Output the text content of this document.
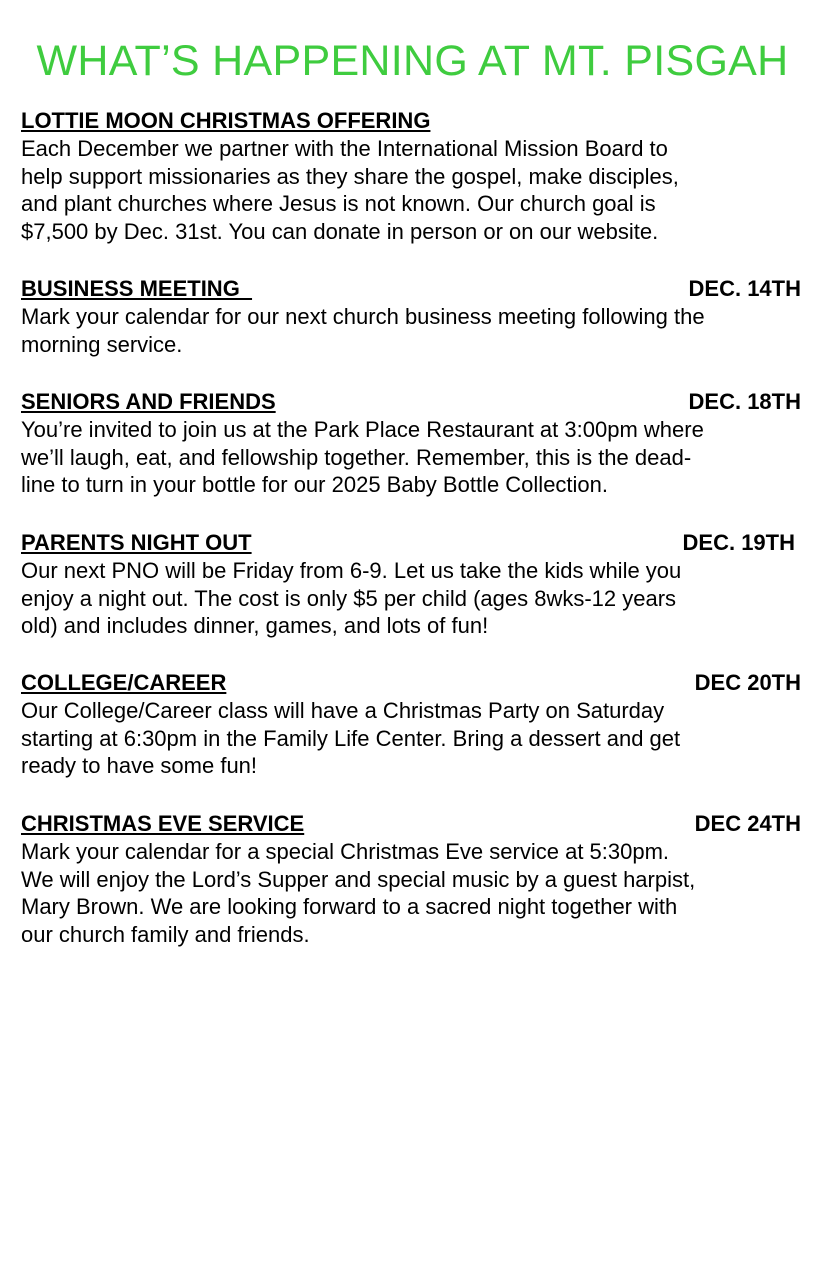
WHAT’S HAPPENING AT MT. PISGAH
LOTTIE MOON CHRISTMAS OFFERING
Each December we partner with the International Mission Board to
help support missionaries as they share the gospel, make disciples,
and plant churches where Jesus is not known. Our church goal is
$7,500 by Dec. 31st. You can donate in person or on our website.
BUSINESS MEETING	DEC. 14TH
Mark your calendar for our next church business meeting following the
morning service.
SENIORS AND FRIENDS	DEC. 18TH
You’re invited to join us at the Park Place Restaurant at 3:00pm where
we’ll laugh, eat, and fellowship together. Remember, this is the dead-
line to turn in your bottle for our 2025 Baby Bottle Collection.
PARENTS NIGHT OUT	DEC. 19TH
Our next PNO will be Friday from 6-9. Let us take the kids while you
enjoy a night out. The cost is only $5 per child (ages 8wks-12 years
old) and includes dinner, games, and lots of fun!
COLLEGE/CAREER	DEC 20TH
Our College/Career class will have a Christmas Party on Saturday
starting at 6:30pm in the Family Life Center. Bring a dessert and get
ready to have some fun!
CHRISTMAS EVE SERVICE	DEC 24TH
Mark your calendar for a special Christmas Eve service at 5:30pm.
We will enjoy the Lord’s Supper and special music by a guest harpist,
Mary Brown. We are looking forward to a sacred night together with
our church family and friends.
